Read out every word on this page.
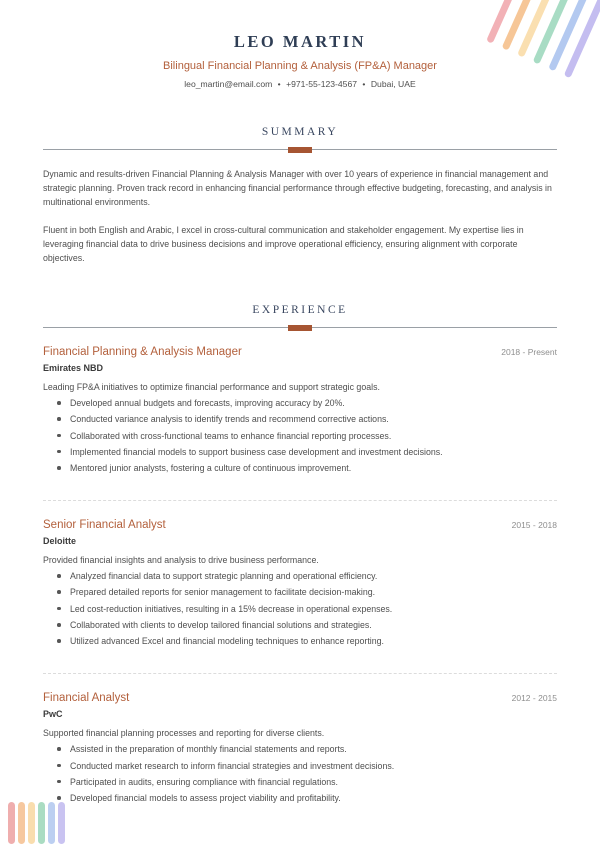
LEO MARTIN
Bilingual Financial Planning & Analysis (FP&A) Manager
leo_martin@email.com • +971-55-123-4567 • Dubai, UAE
SUMMARY

Dynamic and results-driven Financial Planning & Analysis Manager with over 10 years of experience in financial management and strategic planning. Proven track record in enhancing financial performance through effective budgeting, forecasting, and analysis in multinational environments.

Fluent in both English and Arabic, I excel in cross-cultural communication and stakeholder engagement. My expertise lies in leveraging financial data to drive business decisions and improve operational efficiency, ensuring alignment with corporate objectives.

EXPERIENCE
Financial Planning & Analysis Manager	2018 - Present
Emirates NBD
Leading FP&A initiatives to optimize financial performance and support strategic goals.
Developed annual budgets and forecasts, improving accuracy by 20%.
Conducted variance analysis to identify trends and recommend corrective actions.
Collaborated with cross-functional teams to enhance financial reporting processes.
Implemented financial models to support business case development and investment decisions.
Mentored junior analysts, fostering a culture of continuous improvement.
Senior Financial Analyst	2015 - 2018
Deloitte
Provided financial insights and analysis to drive business performance.
Analyzed financial data to support strategic planning and operational efficiency.
Prepared detailed reports for senior management to facilitate decision-making.
Led cost-reduction initiatives, resulting in a 15% decrease in operational expenses.
Collaborated with clients to develop tailored financial solutions and strategies.
Utilized advanced Excel and financial modeling techniques to enhance reporting.
Financial Analyst	2012 - 2015
PwC
Supported financial planning processes and reporting for diverse clients.
Assisted in the preparation of monthly financial statements and reports.
Conducted market research to inform financial strategies and investment decisions.
Participated in audits, ensuring compliance with financial regulations.
Developed financial models to assess project viability and profitability.
